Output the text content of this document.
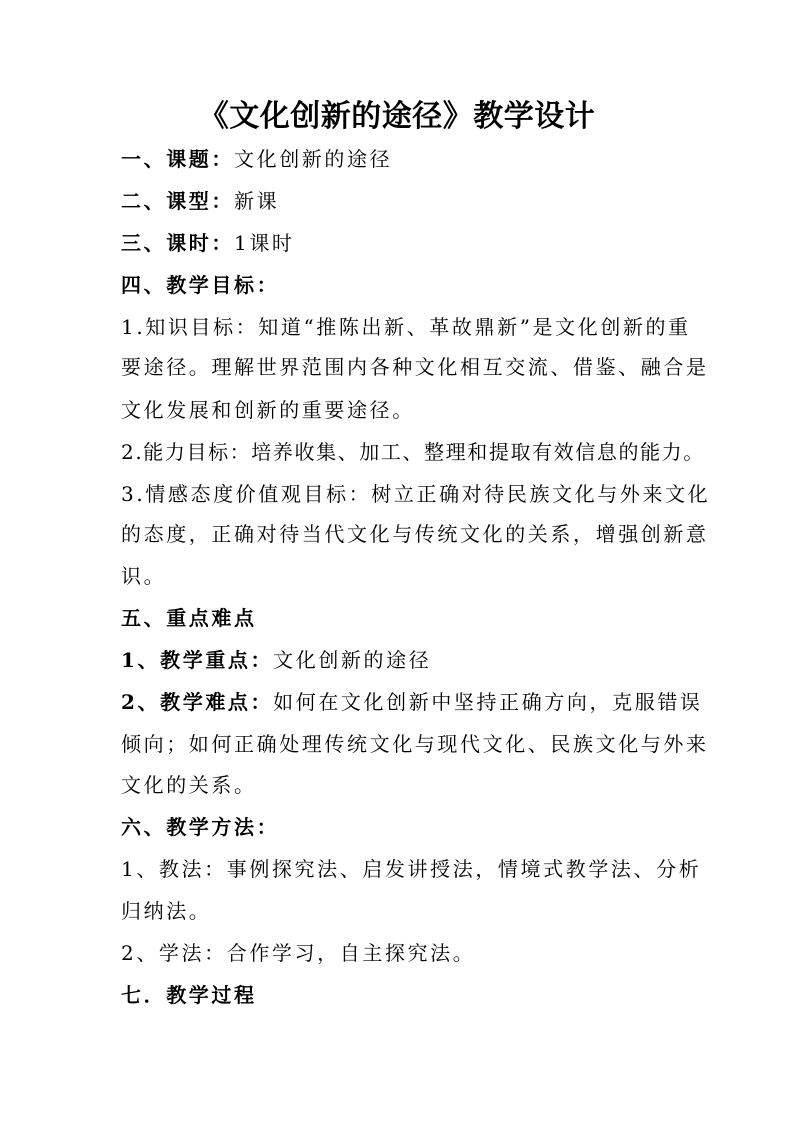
《文化创新的途径》教学设计
一、课题：文化创新的途径
二、课型：新课
三、课时：1课时
四、教学目标：
1.知识目标：知道“推陈出新、革故鼎新”是文化创新的重
要途径。理解世界范围内各种文化相互交流、借鉴、融合是
文化发展和创新的重要途径。
2.能力目标：培养收集、加工、整理和提取有效信息的能力。
3.情感态度价值观目标：树立正确对待民族文化与外来文化
的态度，正确对待当代文化与传统文化的关系，增强创新意
识。
五、重点难点
1、教学重点：文化创新的途径
2、教学难点：如何在文化创新中坚持正确方向，克服错误
倾向；如何正确处理传统文化与现代文化、民族文化与外来
文化的关系。
六、教学方法：
1、教法：事例探究法、启发讲授法，情境式教学法、分析
归纳法。
2、学法：合作学习，自主探究法。
七．教学过程
